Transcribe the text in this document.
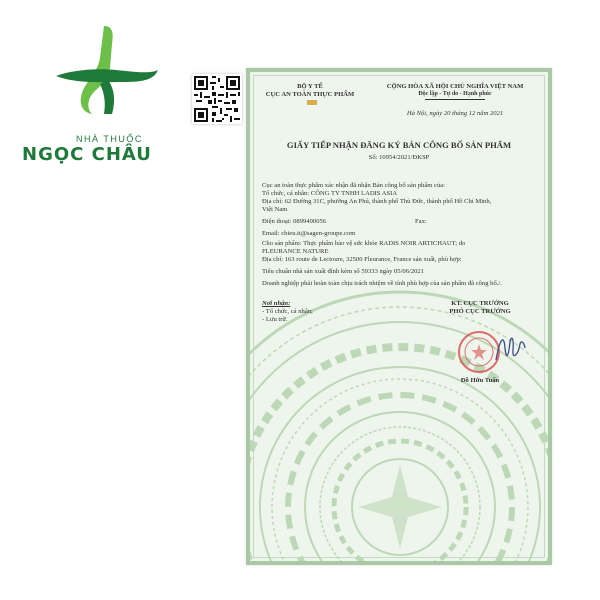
NHÀ THUỐC
NGỌC CHÂU
BỘ Y TẾ
CỤC AN TOÀN THỰC PHẨM
CỘNG HÒA XÃ HỘI CHỦ NGHĨA VIỆT NAM
Độc lập - Tự do - Hạnh phúc
Hà Nội, ngày 20 tháng 12 năm 2021
GIẤY TIẾP NHẬN ĐĂNG KÝ BẢN CÔNG BỐ SẢN PHẨM
Số: 10954/2021/ĐKSP
Cục an toàn thực phẩm xác nhận đã nhận Bản công bố sản phẩm của:
Tổ chức, cá nhân: CÔNG TY TNHH LADIS ASIA
Địa chỉ: 62 Đường 31C, phường An Phú, thành phố Thủ Đức, thành phố Hồ Chí Minh,
Việt Nam
Điện thoại: 0899490056	Fax:
Email: chieu.tt@sagen-groupe.com
Cho sản phẩm: Thực phẩm bảo vệ sức khỏe RADIS NOIR ARTICHAUT; do
FLEURANCE NATURE
Địa chỉ: 163 route de Lectoure, 32500 Fleurance, France sản xuất, phù hợp:
Tiêu chuẩn nhà sản xuất đính kèm số 59333 ngày 05/06/2021
Doanh nghiệp phải hoàn toàn chịu trách nhiệm về tính phù hợp của sản phẩm đã công bố./.
Nơi nhận:
- Tổ chức, cá nhân;
- Lưu trữ.
KT. CỤC TRƯỞNG
PHÓ CỤC TRƯỞNG
Đỗ Hữu Tuấn
